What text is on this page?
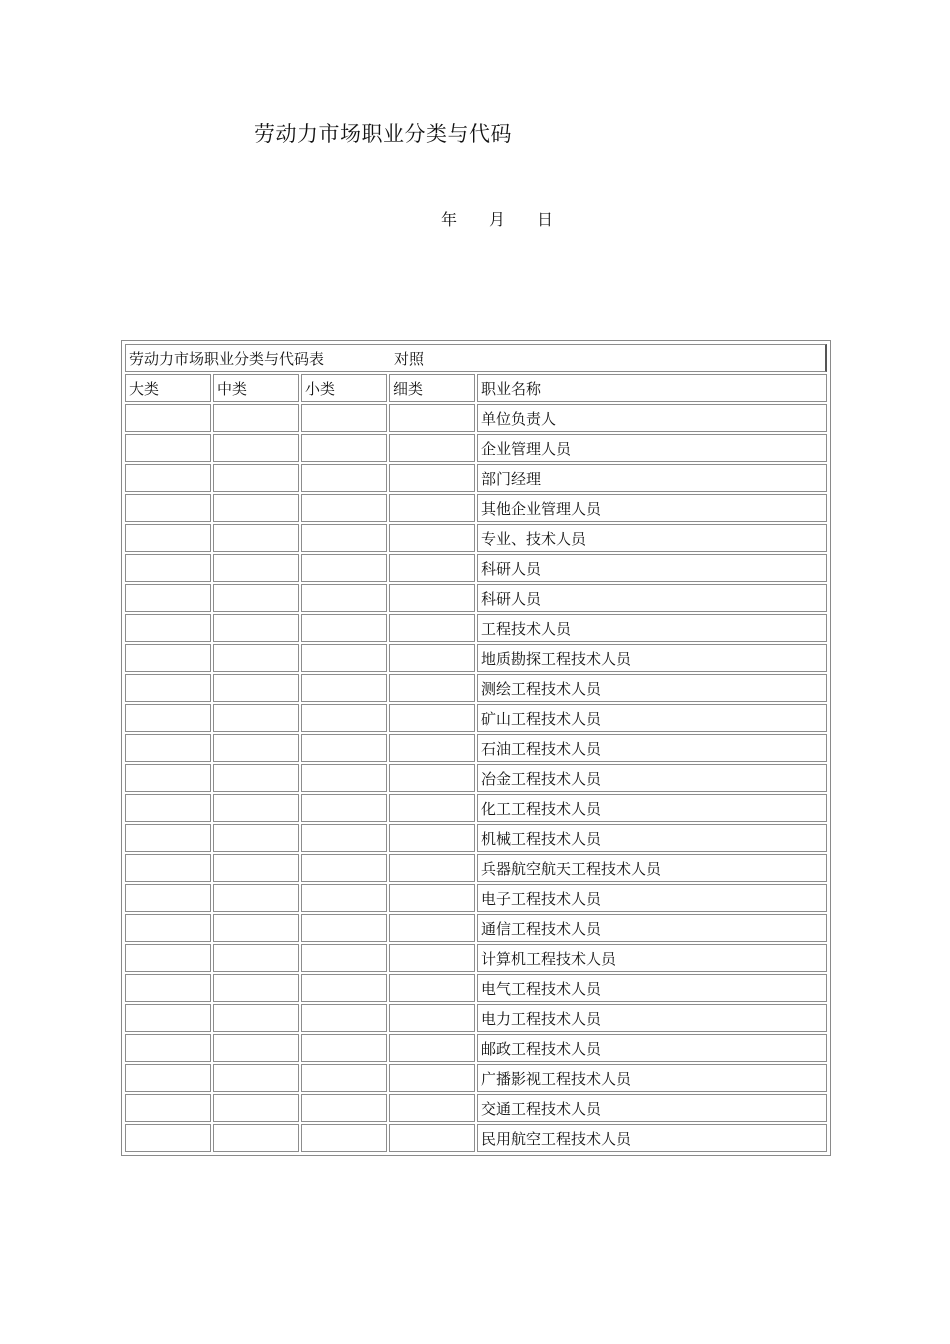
劳动力市场职业分类与代码
年 月 日
劳动力市场职业分类与代码表 对照				
大类	中类	小类	细类	职业名称
				单位负责人
				企业管理人员
				部门经理
				其他企业管理人员
				专业、技术人员
				科研人员
				科研人员
				工程技术人员
				地质勘探工程技术人员
				测绘工程技术人员
				矿山工程技术人员
				石油工程技术人员
				冶金工程技术人员
				化工工程技术人员
				机械工程技术人员
				兵器航空航天工程技术人员
				电子工程技术人员
				通信工程技术人员
				计算机工程技术人员
				电气工程技术人员
				电力工程技术人员
				邮政工程技术人员
				广播影视工程技术人员
				交通工程技术人员
				民用航空工程技术人员
